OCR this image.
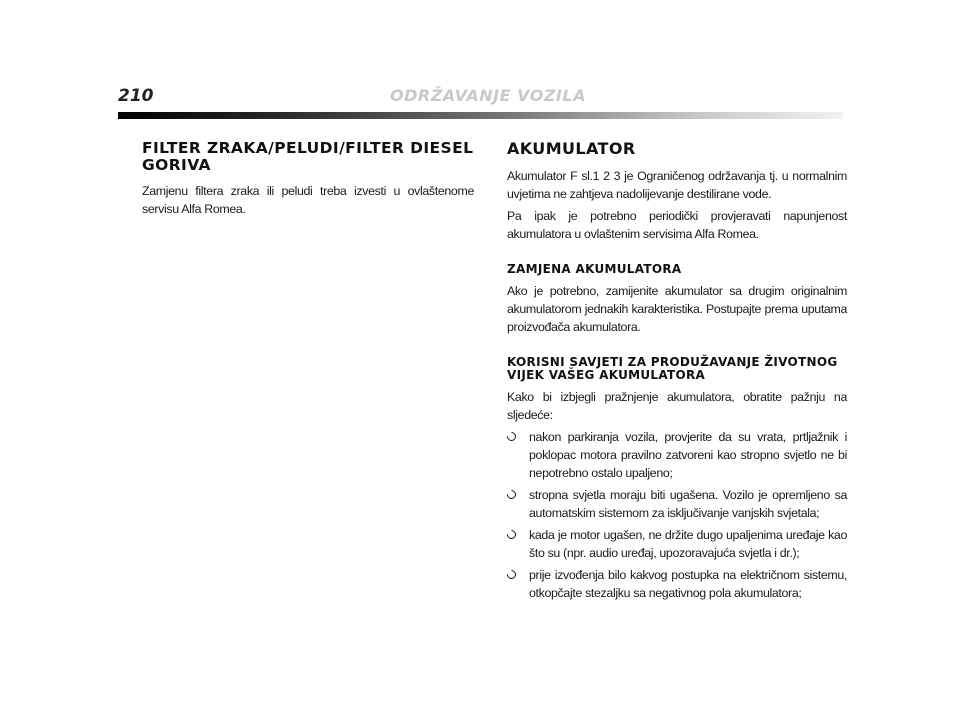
210	ODRŽAVANJE VOZILA
FILTER ZRAKA/PELUDI/FILTER DIESEL GORIVA

Zamjenu filtera zraka ili peludi treba izvesti u ovlaštenome servisu Alfa Romea.

AKUMULATOR

Akumulator F sl.1 2 3 je Ograničenog održavanja tj. u normalnim uvjetima ne zahtjeva nadolijevanje destilirane vode.

Pa ipak je potrebno periodički provjeravati napunjenost akumulatora u ovlaštenim servisima Alfa Romea.

ZAMJENA AKUMULATORA

Ako je potrebno, zamijenite akumulator sa drugim originalnim akumulatorom jednakih karakteristika. Postupajte prema uputama proizvođača akumulatora.

KORISNI SAVJETI ZA PRODUŽAVANJE ŽIVOTNOG VIJEK VAŠEG AKUMULATORA

Kako bi izbjegli pražnjenje akumulatora, obratite pažnju na sljedeće:

nakon parkiranja vozila, provjerite da su vrata, prtljažnik i poklopac motora pravilno zatvoreni kao stropno svjetlo ne bi nepotrebno ostalo upaljeno;
stropna svjetla moraju biti ugašena. Vozilo je opremljeno sa automatskim sistemom za isključivanje vanjskih svjetala;
kada je motor ugašen, ne držite dugo upaljenima uređaje kao što su (npr. audio uređaj, upozoravajuća svjetla i dr.);
prije izvođenja bilo kakvog postupka na električnom sistemu, otkopčajte stezaljku sa negativnog pola akumulatora;
